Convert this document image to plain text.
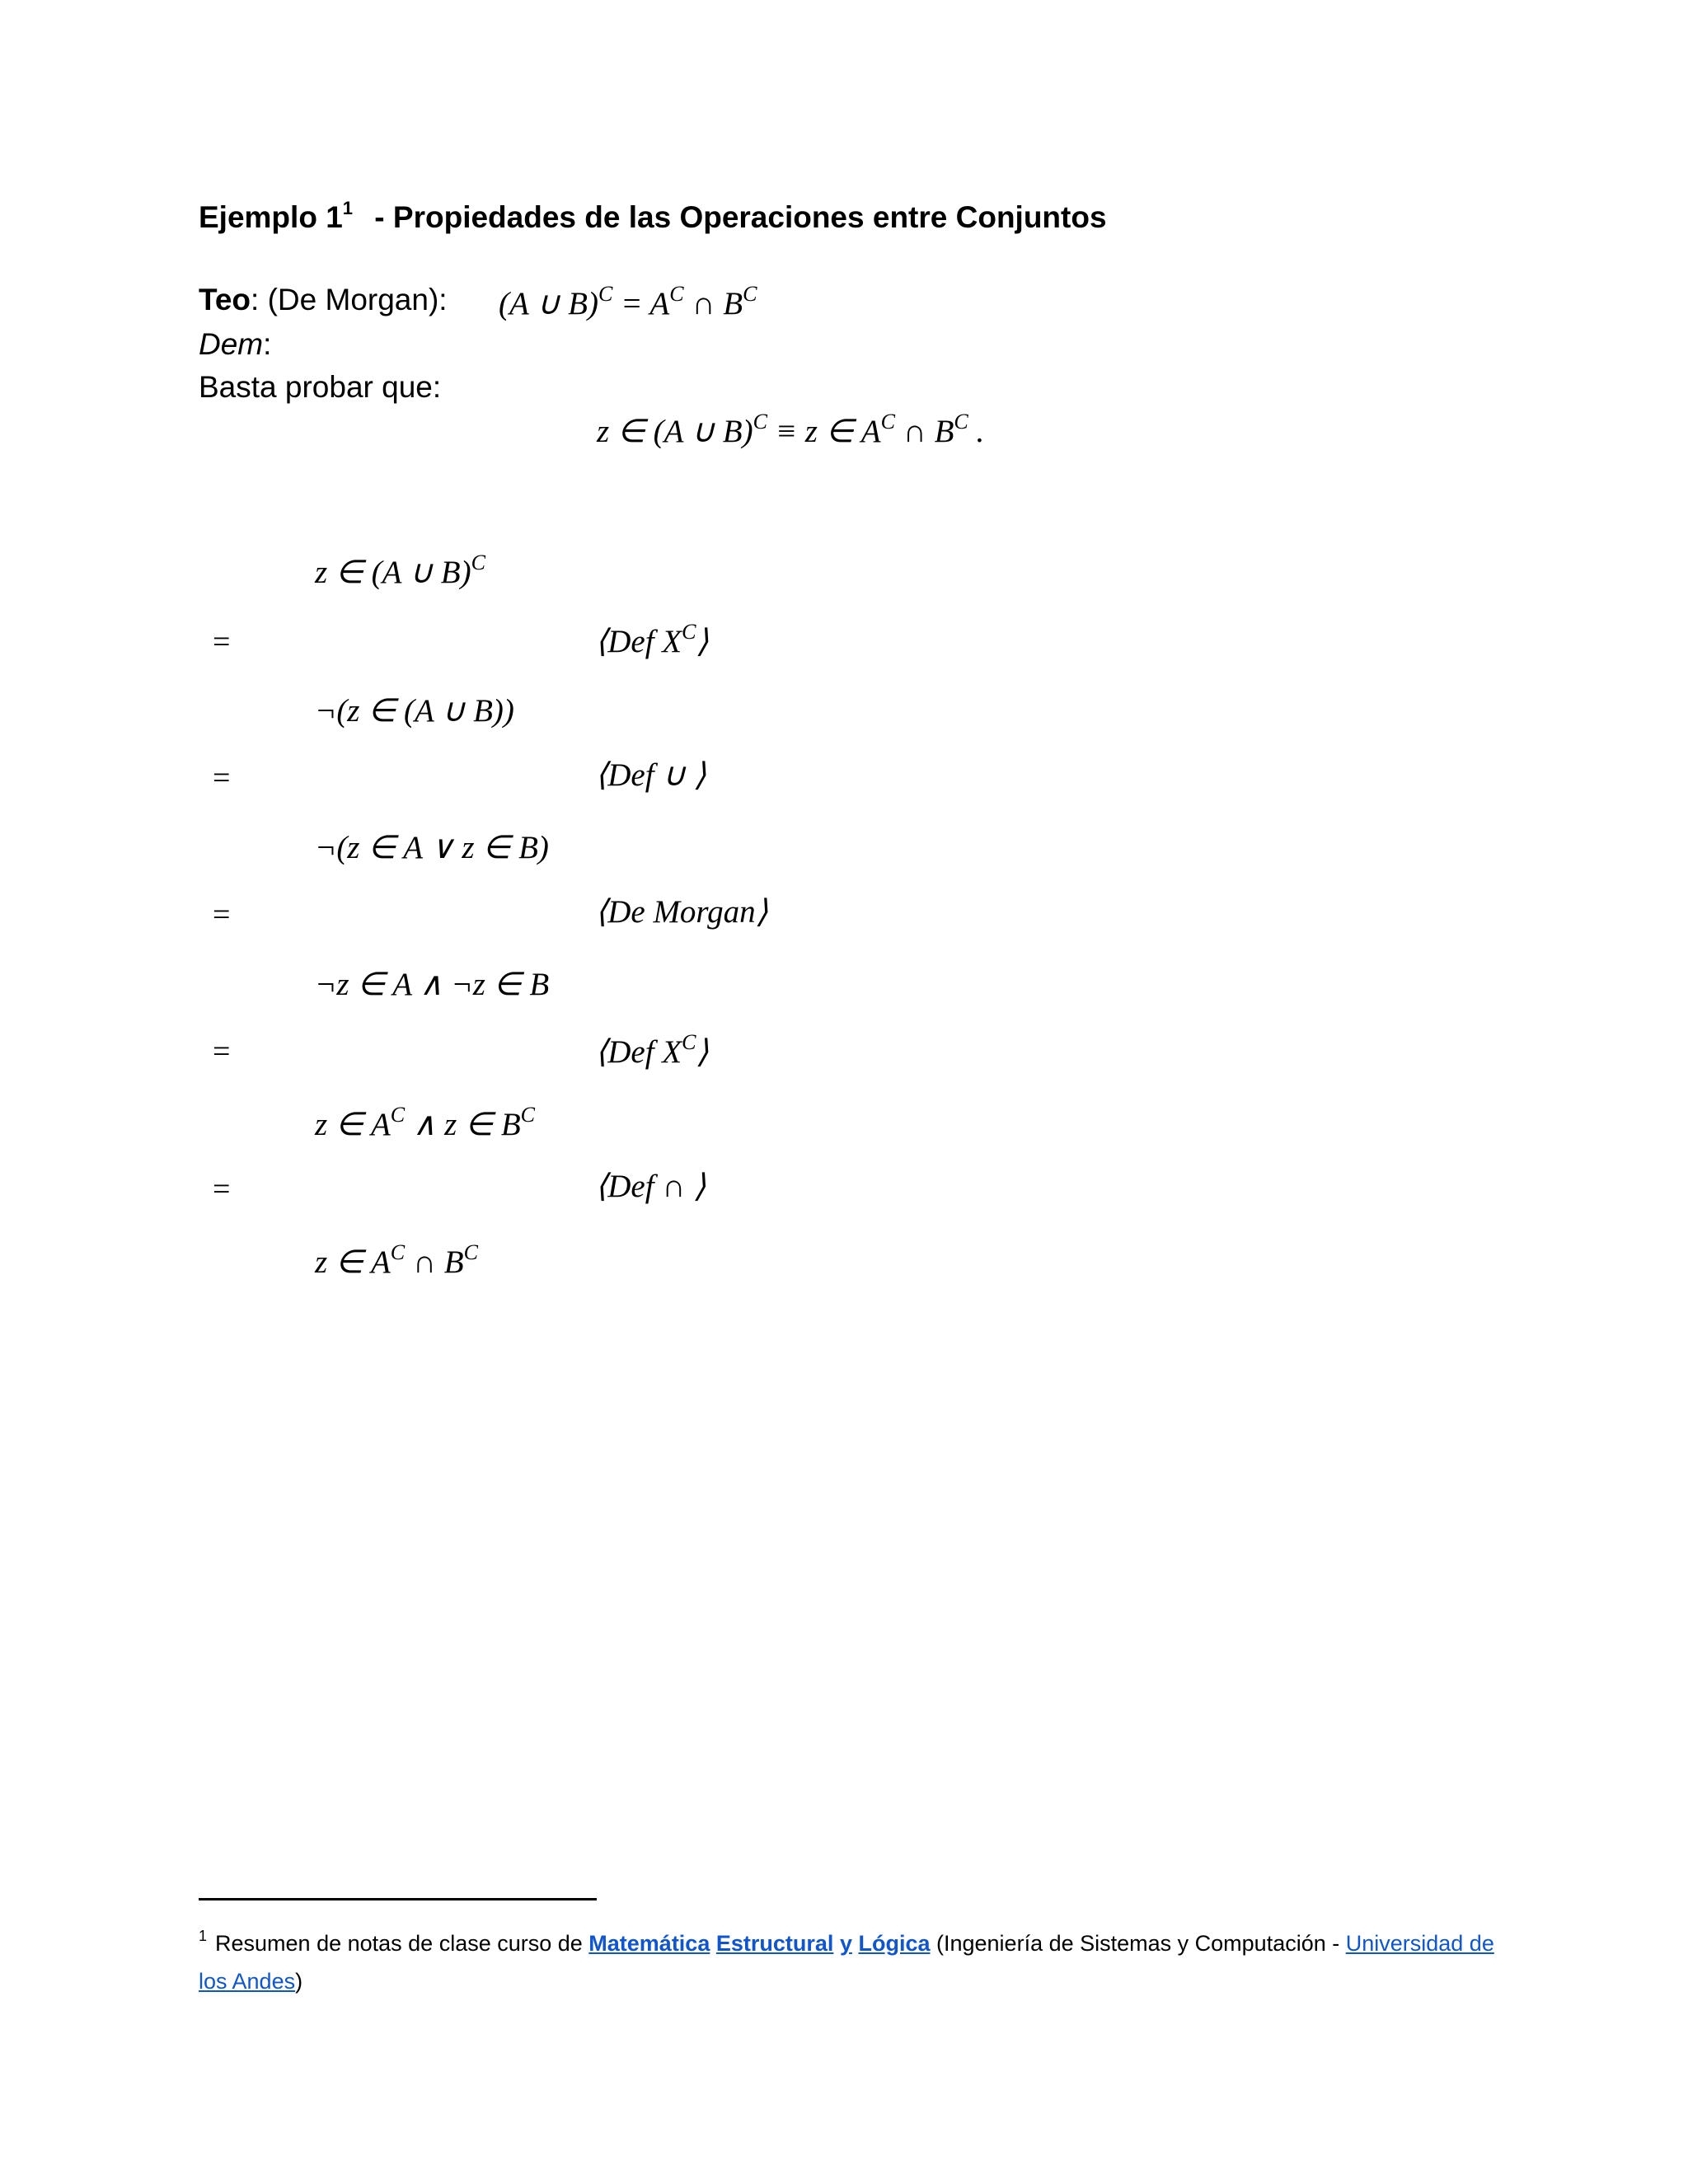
Ejemplo $1^1$ - Propiedades de las Operaciones entre Conjuntos
Teo: (De Morgan): (A ∪ $B)^C = A^C$ ∩ $B^C$
Dem:
Basta probar que:
z ∈ (A ∪ B)$^C$ ≡ z ∈ $A^C$ ∩ $B^C$ .
z ∈ (A ∪ B)$^C$
=	⟨Def $X^C⟩$
¬(z ∈ (A ∪ B))
=	⟨Def ∪ ⟩
¬(z ∈ A ∨ z ∈ B)
=	⟨De Morgan⟩
¬z ∈ A ∧ ¬z ∈ B
=	⟨Def $X^C⟩$
z ∈ $A^C$ ∧ z ∈ $B^C$
=	⟨Def ∩ ⟩
z ∈ $A^C$ ∩ $B^C$
$^1$ Resumen de notas de clase curso de Matemática Estructural y Lógica (Ingeniería de Sistemas y Computación - Universidad de los Andes)
